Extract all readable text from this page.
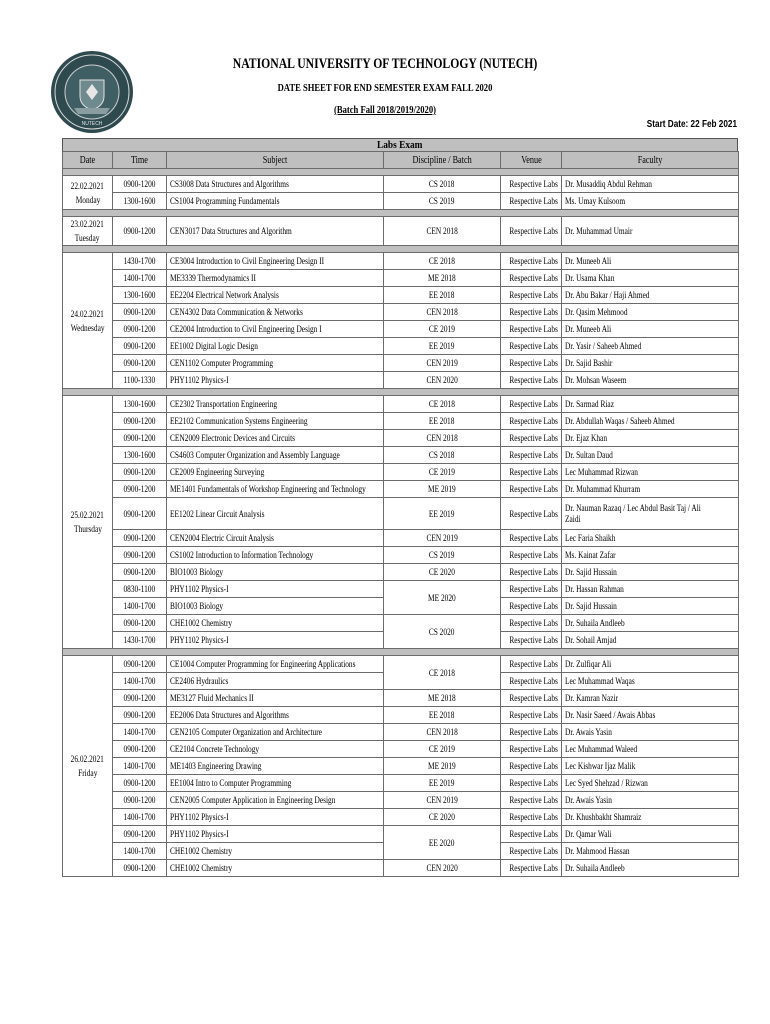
NUTECH
NATIONAL UNIVERSITY OF TECHNOLOGY (NUTECH)
DATE SHEET FOR END SEMESTER EXAM FALL 2020
(Batch Fall 2018/2019/2020)
Start Date: 22 Feb 2021
Labs Exam
Date	Time	Subject	Discipline / Batch	Venue	Faculty

22.02.2021
Monday	0900-1200	CS3008 Data Structures and Algorithms	CS 2018	Respective Labs	Dr. Musaddiq Abdul Rehman
	1300-1600	CS1004 Programming Fundamentals	CS 2019	Respective Labs	Ms. Umay Kulsoom

23.02.2021
Tuesday	0900-1200	CEN3017 Data Structures and Algorithm	CEN 2018	Respective Labs	Dr. Muhammad Umair

24.02.2021
Wednesday	1430-1700	CE3004 Introduction to Civil Engineering Design II	CE 2018	Respective Labs	Dr. Muneeb Ali
	1400-1700	ME3339 Thermodynamics II	ME 2018	Respective Labs	Dr. Usama Khan
	1300-1600	EE2204 Electrical Network Analysis	EE 2018	Respective Labs	Dr. Abu Bakar / Haji Ahmed
	0900-1200	CEN4302 Data Communication & Networks	CEN 2018	Respective Labs	Dr. Qasim Mehmood
	0900-1200	CE2004 Introduction to Civil Engineering Design I	CE 2019	Respective Labs	Dr. Muneeb Ali
	0900-1200	EE1002 Digital Logic Design	EE 2019	Respective Labs	Dr. Yasir / Saheeb Ahmed
	0900-1200	CEN1102 Computer Programming	CEN 2019	Respective Labs	Dr. Sajid Bashir
	1100-1330	PHY1102 Physics-I	CEN 2020	Respective Labs	Dr. Mohsan Waseem

25.02.2021
Thursday	1300-1600	CE2302 Transportation Engineering	CE 2018	Respective Labs	Dr. Sarmad Riaz
	0900-1200	EE2102 Communication Systems Engineering	EE 2018	Respective Labs	Dr. Abdullah Waqas / Saheeb Ahmed
	0900-1200	CEN2009 Electronic Devices and Circuits	CEN 2018	Respective Labs	Dr. Ejaz Khan
	1300-1600	CS4603 Computer Organization and Assembly Language	CS 2018	Respective Labs	Dr. Sultan Daud
	0900-1200	CE2009 Engineering Surveying	CE 2019	Respective Labs	Lec Muhammad Rizwan
	0900-1200	ME1401 Fundamentals of Workshop Engineering and Technology	ME 2019	Respective Labs	Dr. Muhammad Khurram
	0900-1200	EE1202 Linear Circuit Analysis	EE 2019	Respective Labs	Dr. Nauman Razaq / Lec Abdul Basit Taj / Ali Zaidi
	0900-1200	CEN2004 Electric Circuit Analysis	CEN 2019	Respective Labs	Lec Faria Shaikh
	0900-1200	CS1002 Introduction to Information Technology	CS 2019	Respective Labs	Ms. Kainat Zafar
	0900-1200	BIO1003 Biology	CE 2020	Respective Labs	Dr. Sajid Hussain
	0830-1100	PHY1102 Physics-I	ME 2020	Respective Labs	Dr. Hassan Rahman
	1400-1700	BIO1003 Biology		Respective Labs	Dr. Sajid Hussain
	0900-1200	CHE1002 Chemistry	CS 2020	Respective Labs	Dr. Suhaila Andleeb
	1430-1700	PHY1102 Physics-I		Respective Labs	Dr. Sohail Amjad

26.02.2021
Friday	0900-1200	CE1004 Computer Programming for Engineering Applications	CE 2018	Respective Labs	Dr. Zulfiqar Ali
	1400-1700	CE2406 Hydraulics		Respective Labs	Lec Muhammad Waqas
	0900-1200	ME3127 Fluid Mechanics II	ME 2018	Respective Labs	Dr. Kamran Nazir
	0900-1200	EE2006 Data Structures and Algorithms	EE 2018	Respective Labs	Dr. Nasir Saeed / Awais Abbas
	1400-1700	CEN2105 Computer Organization and Architecture	CEN 2018	Respective Labs	Dr. Awais Yasin
	0900-1200	CE2104 Concrete Technology	CE 2019	Respective Labs	Lec Muhammad Waleed
	1400-1700	ME1403 Engineering Drawing	ME 2019	Respective Labs	Lec Kishwar Ijaz Malik
	0900-1200	EE1004 Intro to Computer Programming	EE 2019	Respective Labs	Lec Syed Shehzad / Rizwan
	0900-1200	CEN2005 Computer Application in Engineering Design	CEN 2019	Respective Labs	Dr. Awais Yasin
	1400-1700	PHY1102 Physics-I	CE 2020	Respective Labs	Dr. Khushbakht Shamraiz
	0900-1200	PHY1102 Physics-I	EE 2020	Respective Labs	Dr. Qamar Wali
	1400-1700	CHE1002 Chemistry		Respective Labs	Dr. Mahmood Hassan
	0900-1200	CHE1002 Chemistry	CEN 2020	Respective Labs	Dr. Suhaila Andleeb
